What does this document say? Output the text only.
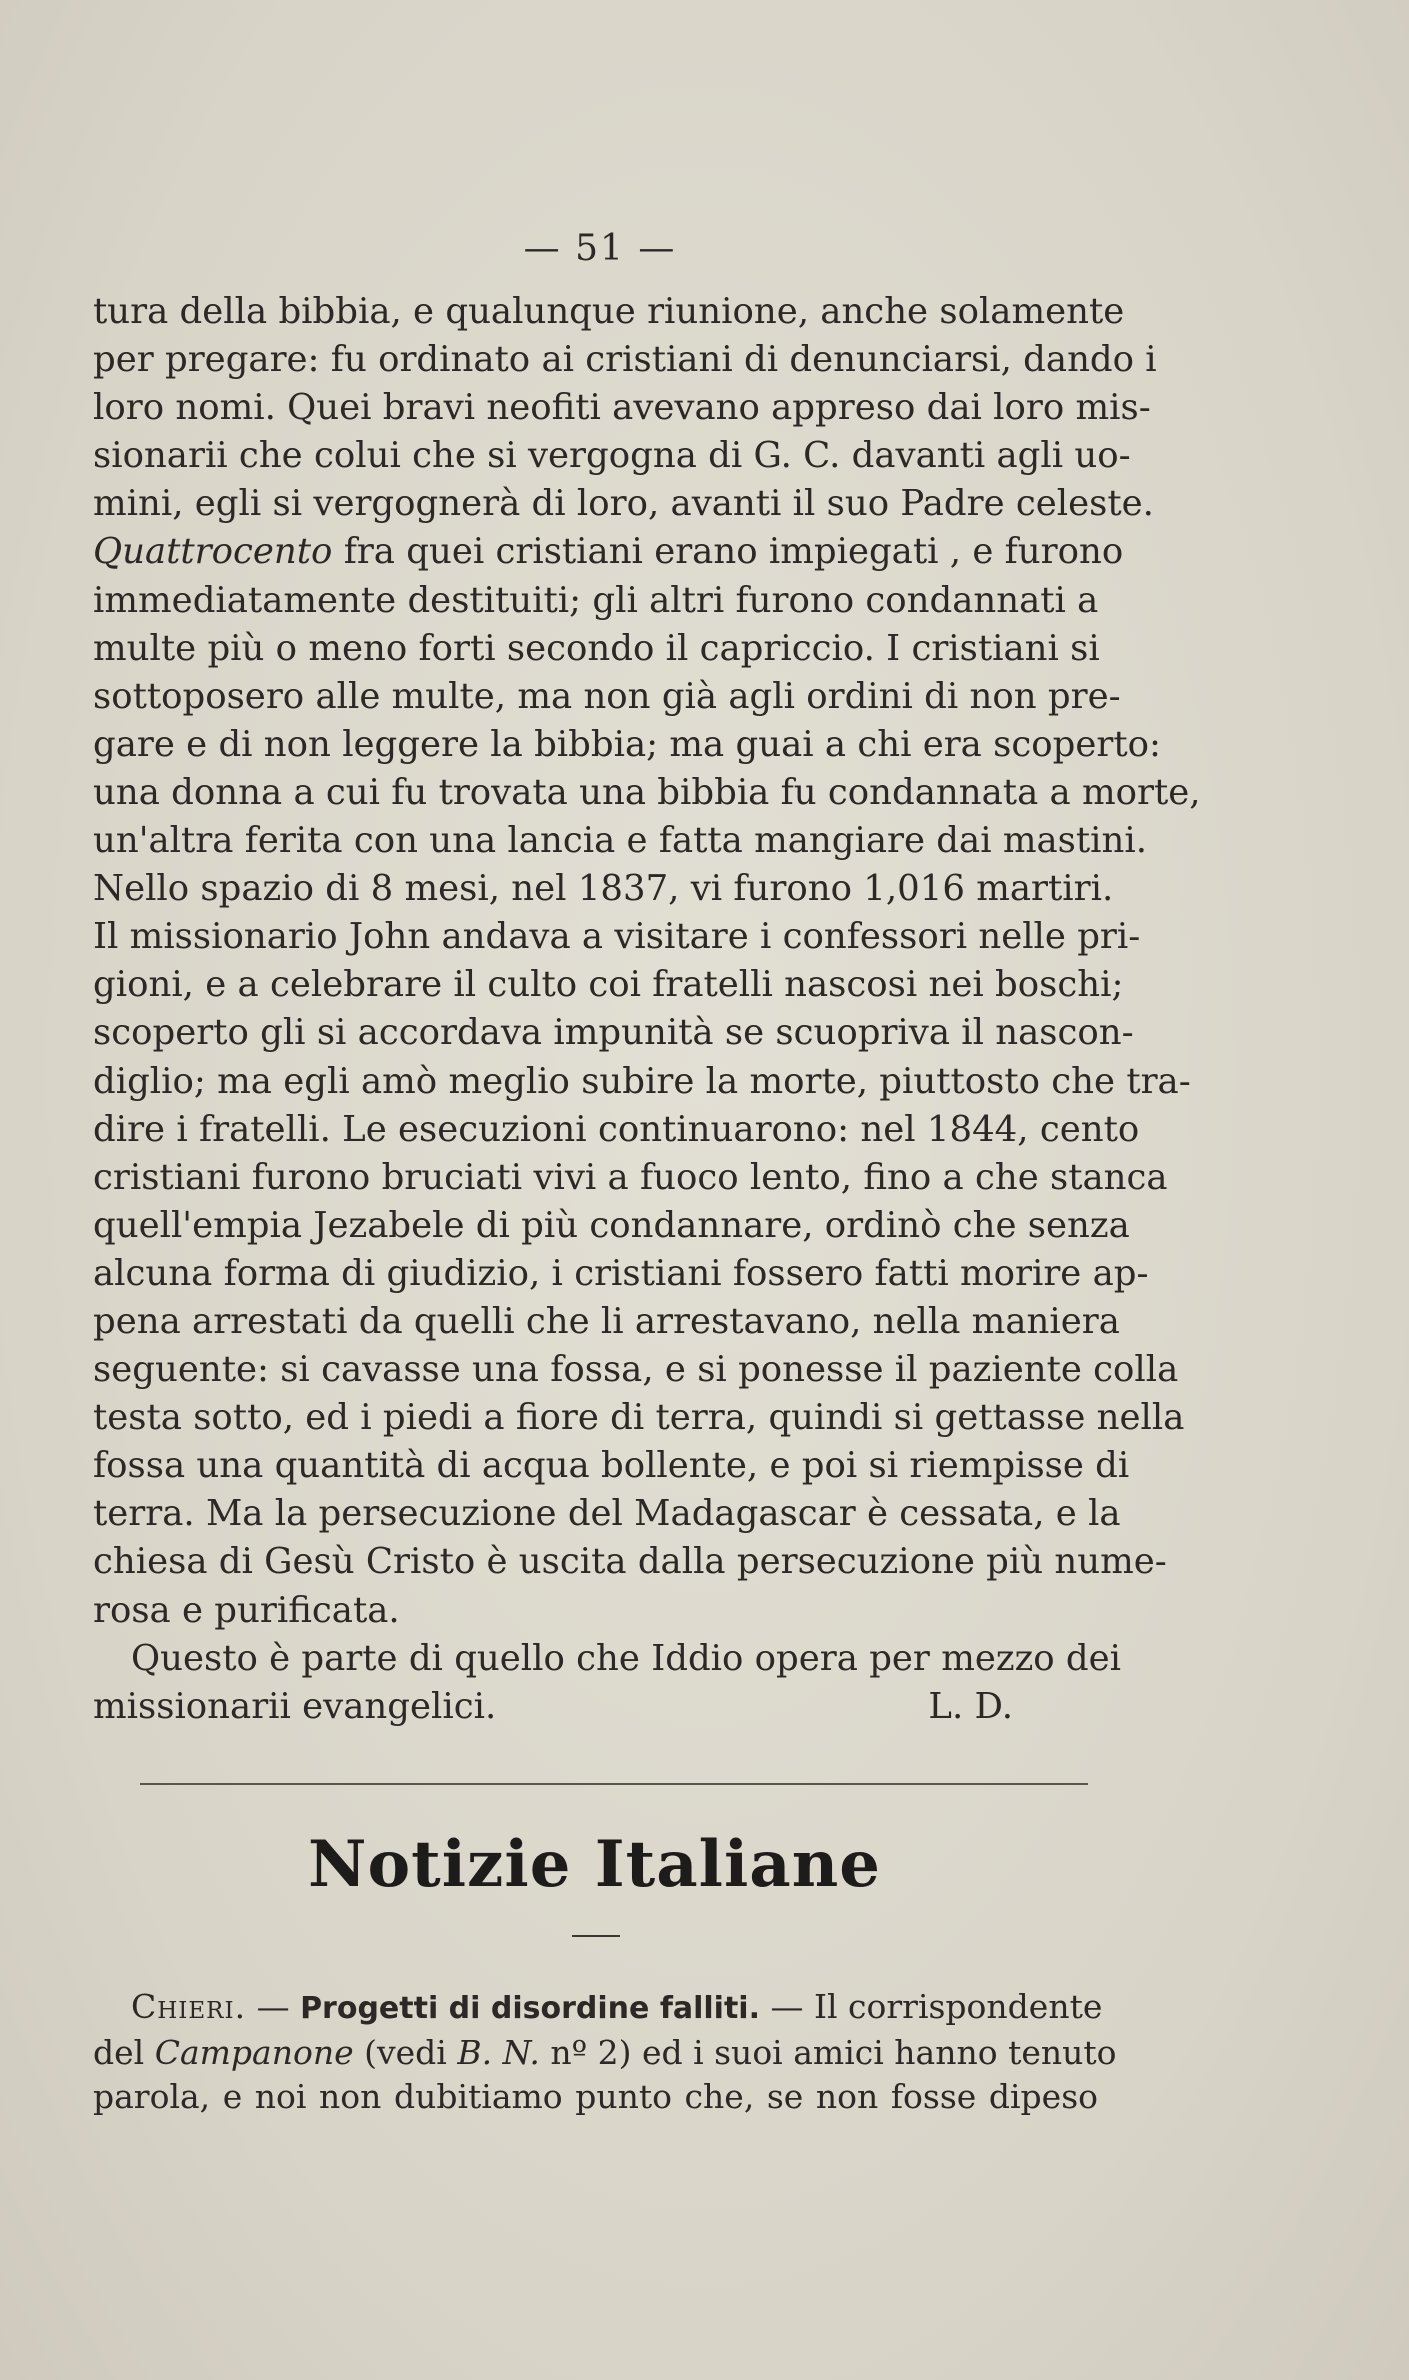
— 51 —
tura della bibbia, e qualunque riunione, anche solamente
per pregare: fu ordinato ai cristiani di denunciarsi, dando i
loro nomi. Quei bravi neofiti avevano appreso dai loro mis-
sionarii che colui che si vergogna di G. C. davanti agli uo-
mini, egli si vergognerà di loro, avanti il suo Padre celeste.
Quattrocento fra quei cristiani erano impiegati , e furono
immediatamente destituiti; gli altri furono condannati a
multe più o meno forti secondo il capriccio. I cristiani si
sottoposero alle multe, ma non già agli ordini di non pre-
gare e di non leggere la bibbia; ma guai a chi era scoperto:
una donna a cui fu trovata una bibbia fu condannata a morte,
un'altra ferita con una lancia e fatta mangiare dai mastini.
Nello spazio di 8 mesi, nel 1837, vi furono 1,016 martiri.
Il missionario John andava a visitare i confessori nelle pri-
gioni, e a celebrare il culto coi fratelli nascosi nei boschi;
scoperto gli si accordava impunità se scuopriva il nascon-
diglio; ma egli amò meglio subire la morte, piuttosto che tra-
dire i fratelli. Le esecuzioni continuarono: nel 1844, cento
cristiani furono bruciati vivi a fuoco lento, fino a che stanca
quell'empia Jezabele di più condannare, ordinò che senza
alcuna forma di giudizio, i cristiani fossero fatti morire ap-
pena arrestati da quelli che li arrestavano, nella maniera
seguente: si cavasse una fossa, e si ponesse il paziente colla
testa sotto, ed i piedi a fiore di terra, quindi si gettasse nella
fossa una quantità di acqua bollente, e poi si riempisse di
terra. Ma la persecuzione del Madagascar è cessata, e la
chiesa di Gesù Cristo è uscita dalla persecuzione più nume-
rosa e purificata.
Questo è parte di quello che Iddio opera per mezzo dei
missionarii evangelici.	L. D.
Notizie Italiane
Chieri. — Progetti di disordine falliti. — Il corrispondente
del Campanone (vedi B. N. nº 2) ed i suoi amici hanno tenuto
parola, e noi non dubitiamo punto che, se non fosse dipeso
